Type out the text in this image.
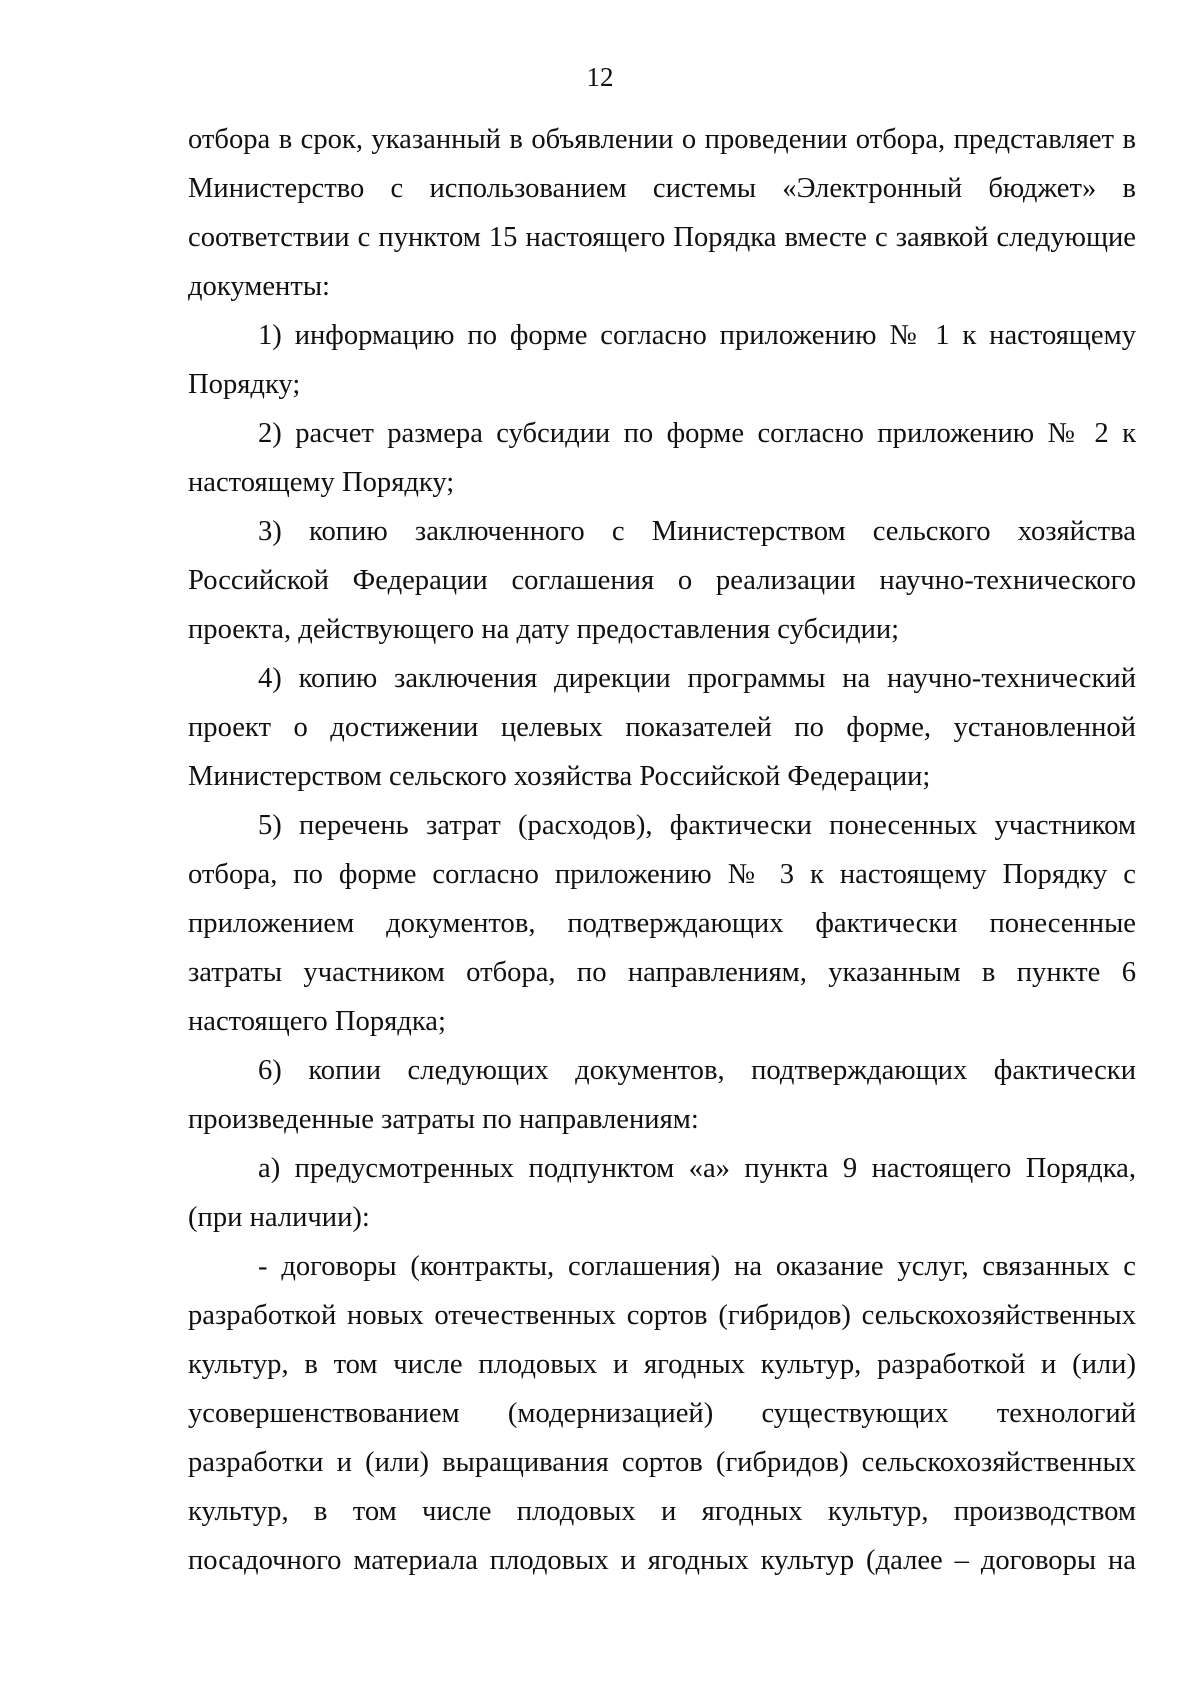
12

отбора в срок, указанный в объявлении о проведении отбора, представляет в Министерство с использованием системы «Электронный бюджет» в соответствии с пунктом 15 настоящего Порядка вместе с заявкой следующие документы:

1) информацию по форме согласно приложению № 1 к настоящему Порядку;

2) расчет размера субсидии по форме согласно приложению № 2 к настоящему Порядку;

3) копию заключенного с Министерством сельского хозяйства Российской Федерации соглашения о реализации научно-технического проекта, действующего на дату предоставления субсидии;

4) копию заключения дирекции программы на научно-технический проект о достижении целевых показателей по форме, установленной Министерством сельского хозяйства Российской Федерации;

5) перечень затрат (расходов), фактически понесенных участником отбора, по форме согласно приложению № 3 к настоящему Порядку с приложением документов, подтверждающих фактически понесенные затраты участником отбора, по направлениям, указанным в пункте 6 настоящего Порядка;

6) копии следующих документов, подтверждающих фактически произведенные затраты по направлениям:

а) предусмотренных подпунктом «а» пункта 9 настоящего Порядка, (при наличии):

- договоры (контракты, соглашения) на оказание услуг, связанных с разработкой новых отечественных сортов (гибридов) сельскохозяйственных культур, в том числе плодовых и ягодных культур, разработкой и (или) усовершенствованием (модернизацией) существующих технологий разработки и (или) выращивания сортов (гибридов) сельскохозяйственных культур, в том числе плодовых и ягодных культур, производством посадочного материала плодовых и ягодных культур (далее – договоры на
